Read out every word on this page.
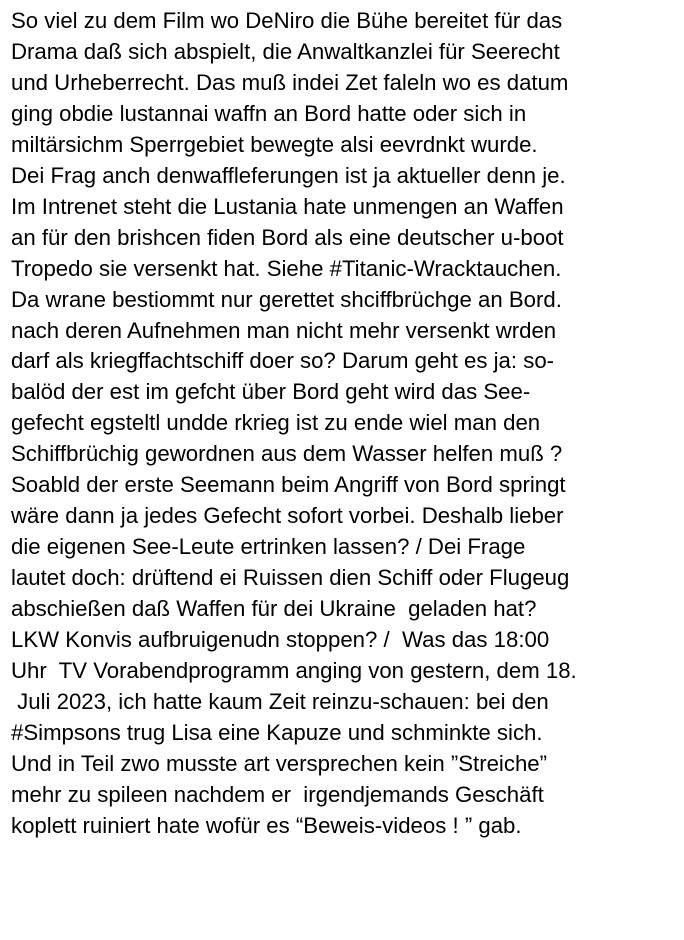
So viel zu dem Film wo DeNiro die Bühe bereitet für das
Drama daß sich abspielt, die Anwaltkanzlei für Seerecht
und Urheberrecht. Das muß indei Zet faleln wo es datum
ging obdie lustannai waffn an Bord hatte oder sich in
miltärsichm Sperrgebiet bewegte alsi eevrdnkt wurde.
Dei Frag anch denwaffleferungen ist ja aktueller denn je.
Im Intrenet steht die Lustania hate unmengen an Waffen
an für den brishcen fiden Bord als eine deutscher u-boot
Tropedo sie versenkt hat. Siehe #Titanic-Wracktauchen.
Da wrane bestiommt nur gerettet shciffbrüchge an Bord.
nach deren Aufnehmen man nicht mehr versenkt wrden
darf als kriegffachtschiff doer so? Darum geht es ja: so-
balöd der est im gefcht über Bord geht wird das See-
gefecht egsteltl undde rkrieg ist zu ende wiel man den
Schiffbrüchig gewordnen aus dem Wasser helfen muß ?
Soabld der erste Seemann beim Angriff von Bord springt
wäre dann ja jedes Gefecht sofort vorbei. Deshalb lieber
die eigenen See-Leute ertrinken lassen? / Dei Frage
lautet doch: drüftend ei Ruissen dien Schiff oder Flugeug
abschießen daß Waffen für dei Ukraine  geladen hat?
LKW Konvis aufbruigenudn stoppen? /  Was das 18:00
Uhr  TV Vorabendprogramm anging von gestern, dem 18.
Juli 2023, ich hatte kaum Zeit reinzu-schauen: bei den
#Simpsons trug Lisa eine Kapuze und schminkte sich.
Und in Teil zwo musste art versprechen kein ”Streiche”
mehr zu spileen nachdem er  irgendjemands Geschäft
koplett ruiniert hate wofür es “Beweis-videos ! ” gab.
